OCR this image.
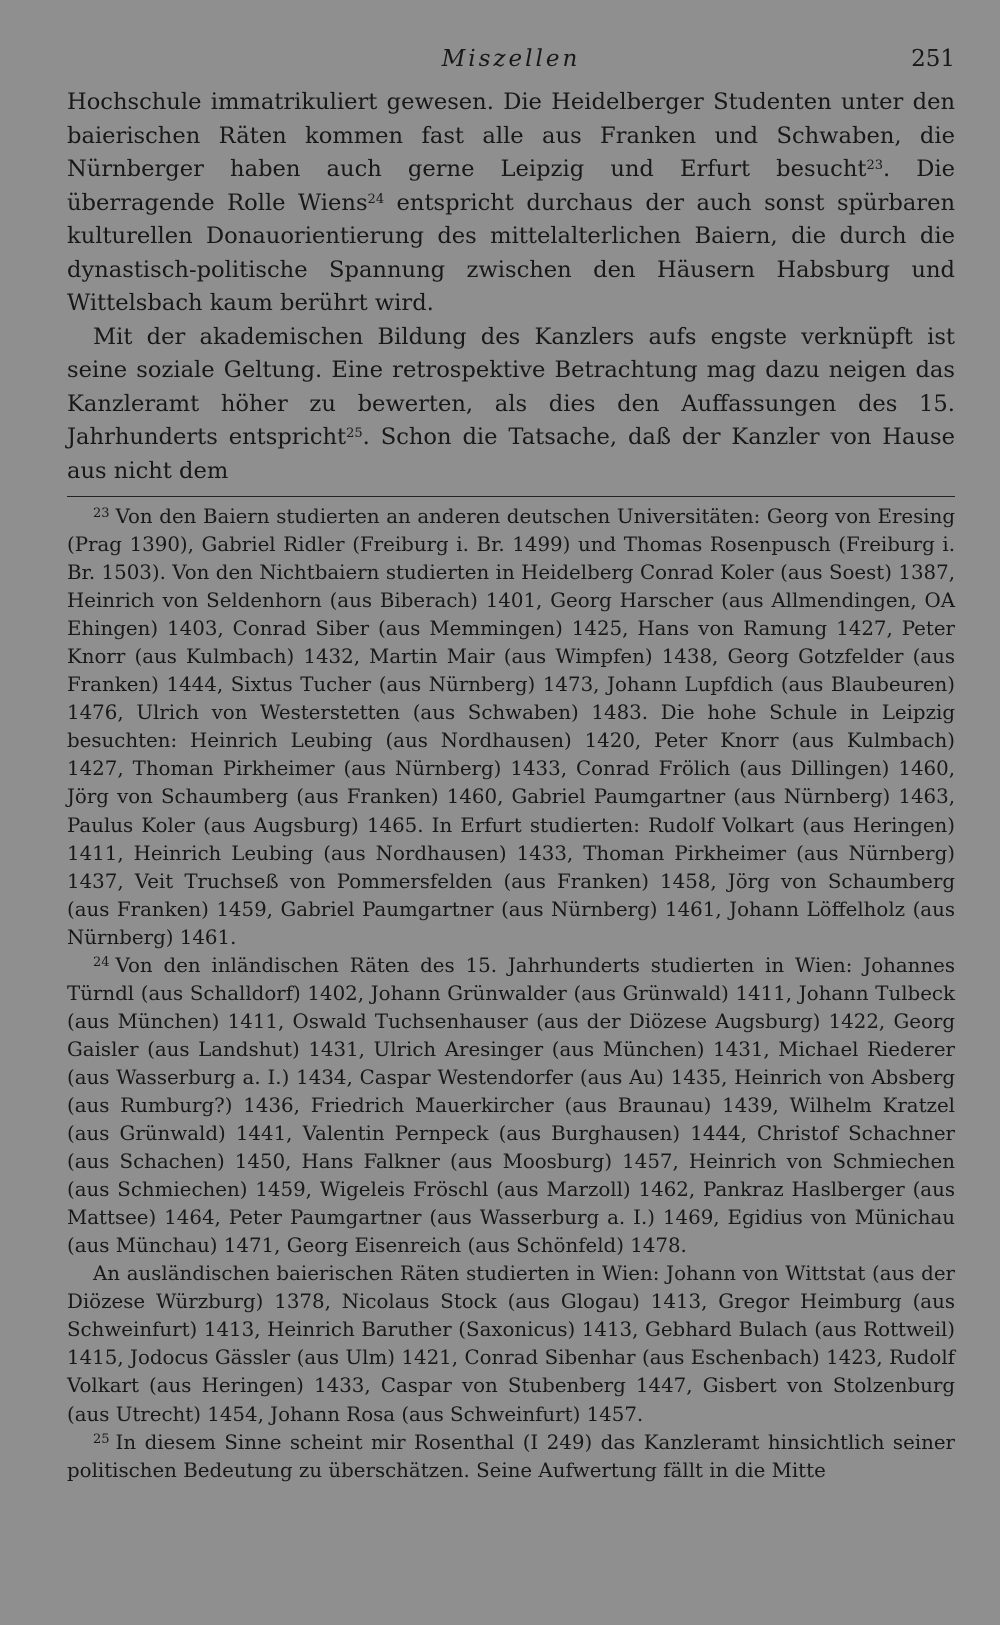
Miszellen	251

Hochschule immatrikuliert gewesen. Die Heidelberger Studenten unter den baierischen Räten kommen fast alle aus Franken und Schwaben, die Nürnberger haben auch gerne Leipzig und Erfurt besucht$^{23}$. Die überragende Rolle Wiens$^{24}$ entspricht durchaus der auch sonst spürbaren kulturellen Donauorientierung des mittelalterlichen Baiern, die durch die dynastisch-politische Spannung zwischen den Häusern Habsburg und Wittelsbach kaum berührt wird.

Mit der akademischen Bildung des Kanzlers aufs engste verknüpft ist seine soziale Geltung. Eine retrospektive Betrachtung mag dazu neigen das Kanzleramt höher zu bewerten, als dies den Auffassungen des 15. Jahrhunderts entspricht$^{25}$. Schon die Tatsache, daß der Kanzler von Hause aus nicht dem

$^{23}$ Von den Baiern studierten an anderen deutschen Universitäten: Georg von Eresing (Prag 1390), Gabriel Ridler (Freiburg i. Br. 1499) und Thomas Rosenpusch (Freiburg i. Br. 1503). Von den Nichtbaiern studierten in Heidelberg Conrad Koler (aus Soest) 1387, Heinrich von Seldenhorn (aus Biberach) 1401, Georg Harscher (aus Allmendingen, OA Ehingen) 1403, Conrad Siber (aus Memmingen) 1425, Hans von Ramung 1427, Peter Knorr (aus Kulmbach) 1432, Martin Mair (aus Wimpfen) 1438, Georg Gotzfelder (aus Franken) 1444, Sixtus Tucher (aus Nürnberg) 1473, Johann Lupfdich (aus Blaubeuren) 1476, Ulrich von Westerstetten (aus Schwaben) 1483. Die hohe Schule in Leipzig besuchten: Heinrich Leubing (aus Nordhausen) 1420, Peter Knorr (aus Kulmbach) 1427, Thoman Pirkheimer (aus Nürnberg) 1433, Conrad Frölich (aus Dillingen) 1460, Jörg von Schaumberg (aus Franken) 1460, Gabriel Paumgartner (aus Nürnberg) 1463, Paulus Koler (aus Augsburg) 1465. In Erfurt studierten: Rudolf Volkart (aus Heringen) 1411, Heinrich Leubing (aus Nordhausen) 1433, Thoman Pirkheimer (aus Nürnberg) 1437, Veit Truchseß von Pommersfelden (aus Franken) 1458, Jörg von Schaumberg (aus Franken) 1459, Gabriel Paumgartner (aus Nürnberg) 1461, Johann Löffelholz (aus Nürnberg) 1461.

$^{24}$ Von den inländischen Räten des 15. Jahrhunderts studierten in Wien: Johannes Türndl (aus Schalldorf) 1402, Johann Grünwalder (aus Grünwald) 1411, Johann Tulbeck (aus München) 1411, Oswald Tuchsenhauser (aus der Diözese Augsburg) 1422, Georg Gaisler (aus Landshut) 1431, Ulrich Aresinger (aus München) 1431, Michael Riederer (aus Wasserburg a. I.) 1434, Caspar Westendorfer (aus Au) 1435, Heinrich von Absberg (aus Rumburg?) 1436, Friedrich Mauerkircher (aus Braunau) 1439, Wilhelm Kratzel (aus Grünwald) 1441, Valentin Pernpeck (aus Burghausen) 1444, Christof Schachner (aus Schachen) 1450, Hans Falkner (aus Moosburg) 1457, Heinrich von Schmiechen (aus Schmiechen) 1459, Wigeleis Fröschl (aus Marzoll) 1462, Pankraz Haslberger (aus Mattsee) 1464, Peter Paumgartner (aus Wasserburg a. I.) 1469, Egidius von Münichau (aus Münchau) 1471, Georg Eisenreich (aus Schönfeld) 1478.

An ausländischen baierischen Räten studierten in Wien: Johann von Wittstat (aus der Diözese Würzburg) 1378, Nicolaus Stock (aus Glogau) 1413, Gregor Heimburg (aus Schweinfurt) 1413, Heinrich Baruther (Saxonicus) 1413, Gebhard Bulach (aus Rottweil) 1415, Jodocus Gässler (aus Ulm) 1421, Conrad Sibenhar (aus Eschenbach) 1423, Rudolf Volkart (aus Heringen) 1433, Caspar von Stubenberg 1447, Gisbert von Stolzenburg (aus Utrecht) 1454, Johann Rosa (aus Schweinfurt) 1457.

$^{25}$ In diesem Sinne scheint mir Rosenthal (I 249) das Kanzleramt hinsichtlich seiner politischen Bedeutung zu überschätzen. Seine Aufwertung fällt in die Mitte
